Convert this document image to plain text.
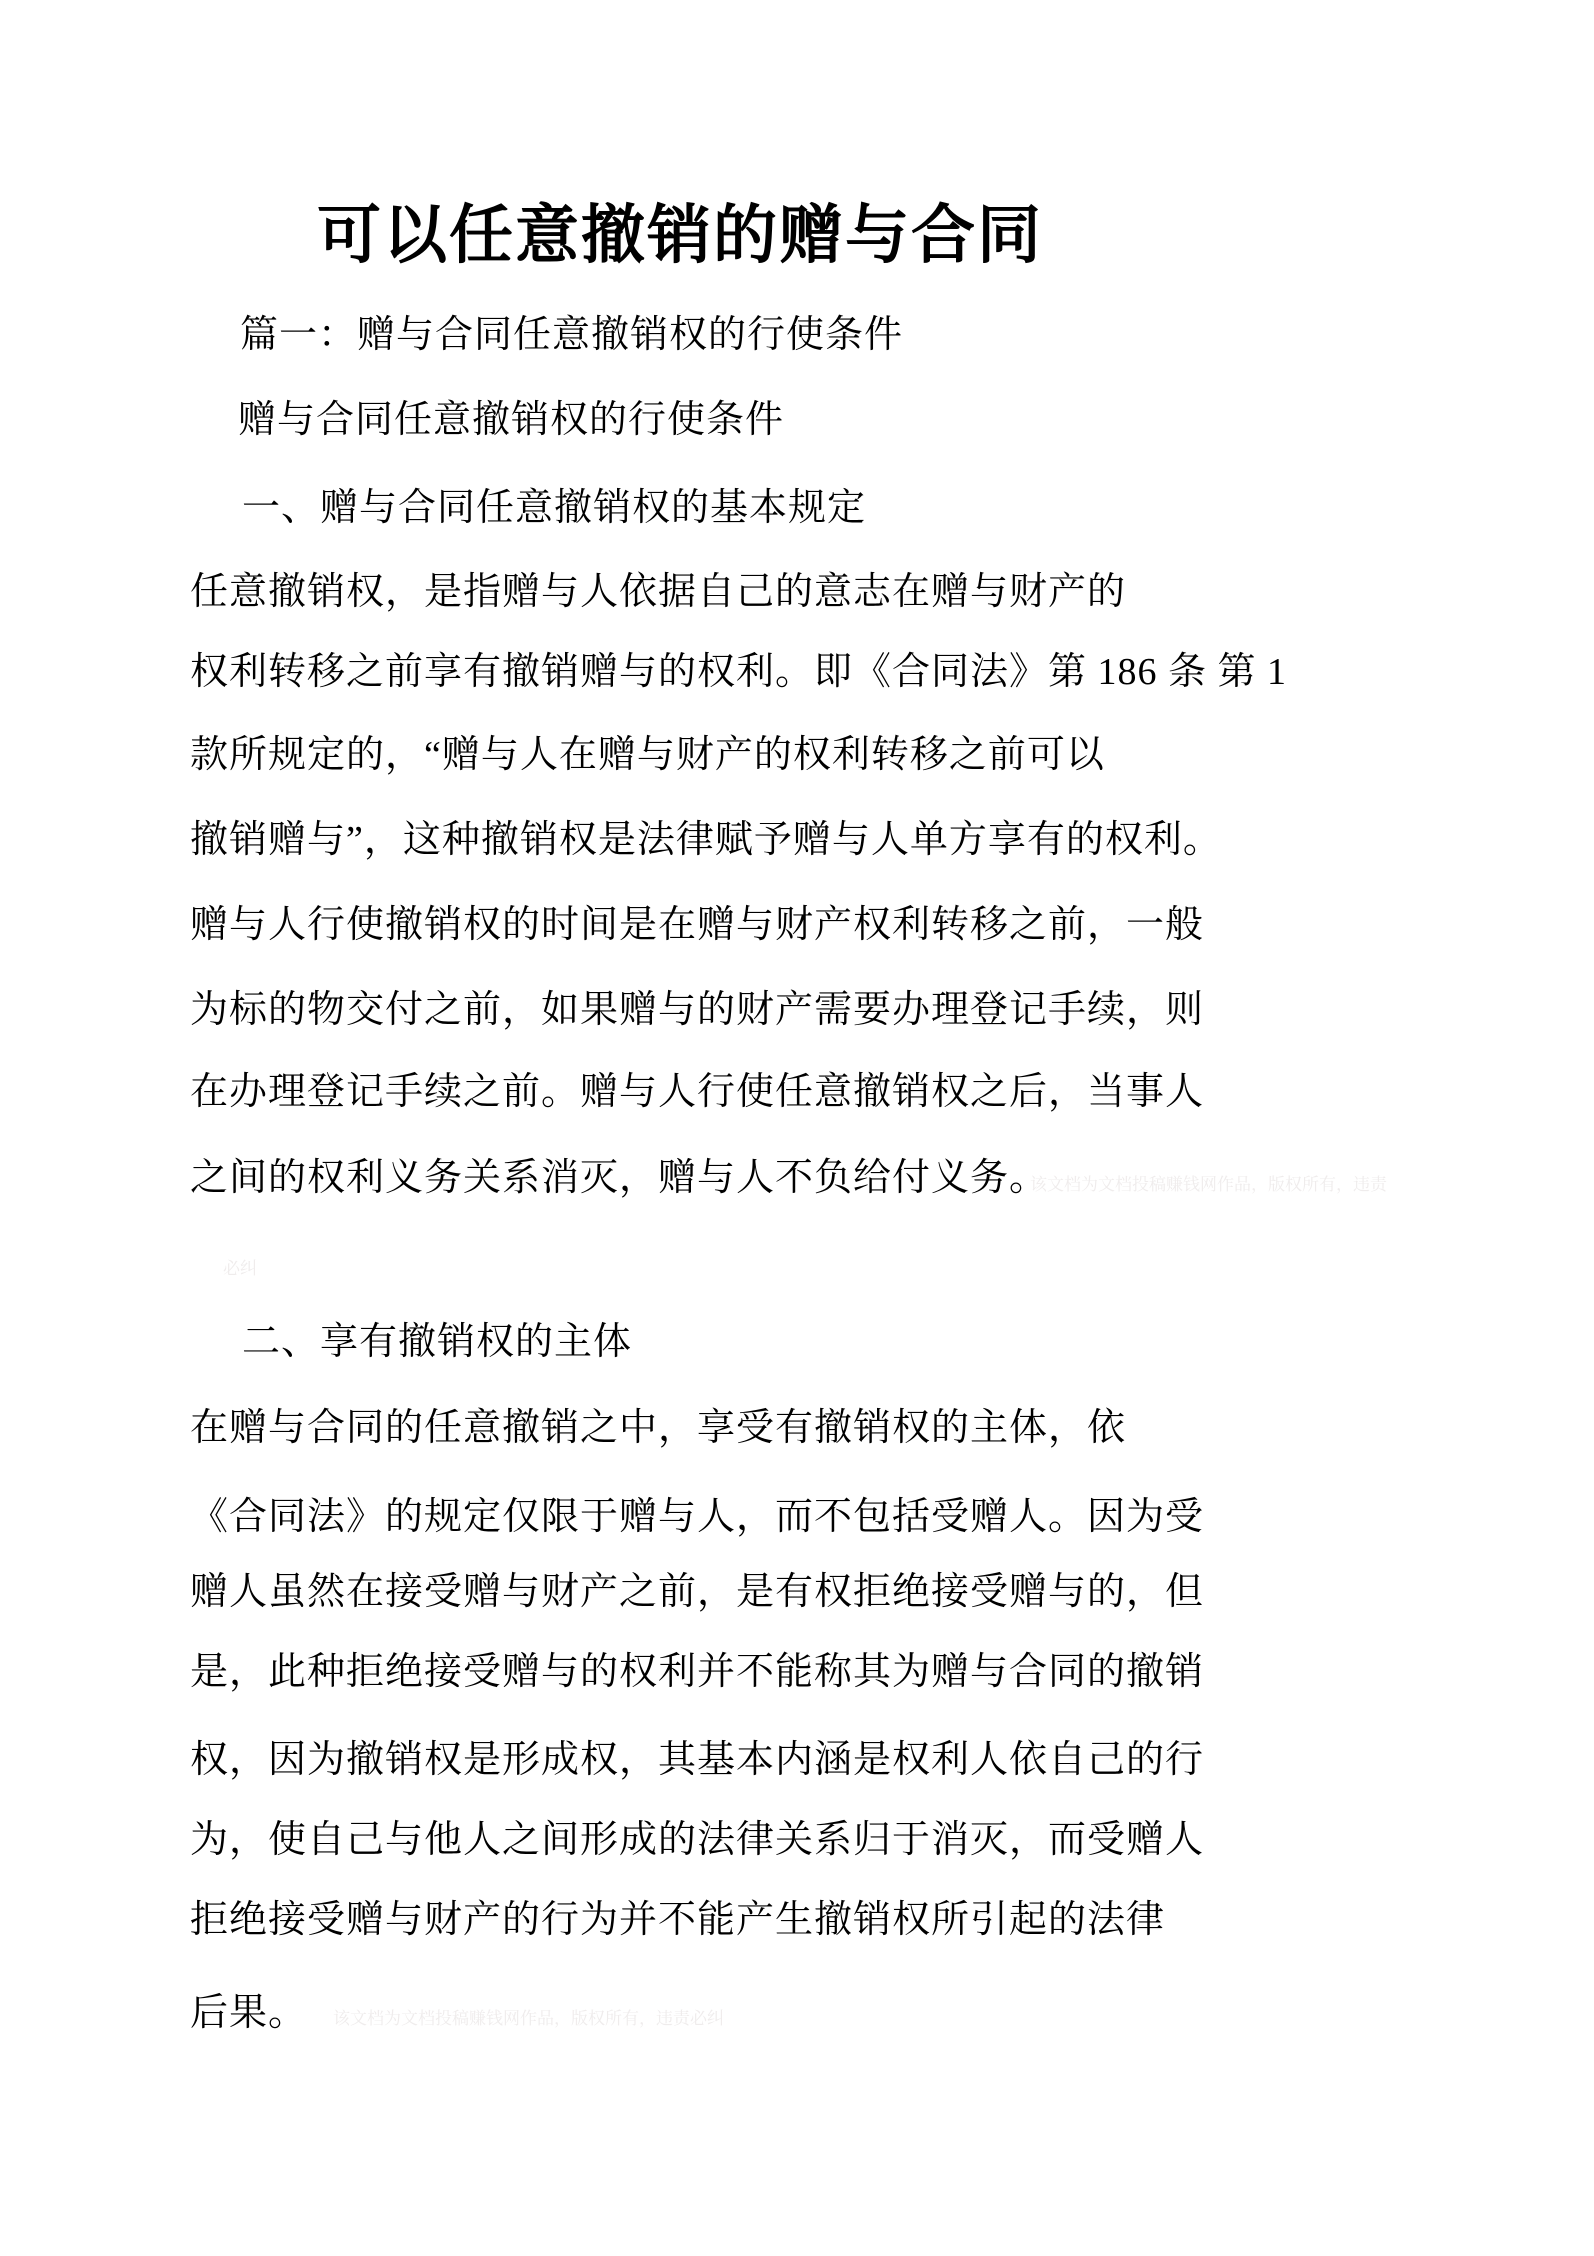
可以任意撤销的赠与合同
篇一：赠与合同任意撤销权的行使条件
赠与合同任意撤销权的行使条件
一、赠与合同任意撤销权的基本规定
任意撤销权，是指赠与人依据自己的意志在赠与财产的
权利转移之前享有撤销赠与的权利。即《合同法》第 186 条 第 1
款所规定的，“赠与人在赠与财产的权利转移之前可以
撤销赠与”，这种撤销权是法律赋予赠与人单方享有的权利。
赠与人行使撤销权的时间是在赠与财产权利转移之前，一般
为标的物交付之前，如果赠与的财产需要办理登记手续，则
在办理登记手续之前。赠与人行使任意撤销权之后，当事人
之间的权利义务关系消灭，赠与人不负给付义务。
该文档为文档投稿赚钱网作品，版权所有，违责
必纠
二、享有撤销权的主体
在赠与合同的任意撤销之中，享受有撤销权的主体，依
《合同法》的规定仅限于赠与人，而不包括受赠人。因为受
赠人虽然在接受赠与财产之前，是有权拒绝接受赠与的，但
是，此种拒绝接受赠与的权利并不能称其为赠与合同的撤销
权，因为撤销权是形成权，其基本内涵是权利人依自己的行
为，使自己与他人之间形成的法律关系归于消灭，而受赠人
拒绝接受赠与财产的行为并不能产生撤销权所引起的法律
后果。 该文档为文档投稿赚钱网作品，版权所有，违责必纠
